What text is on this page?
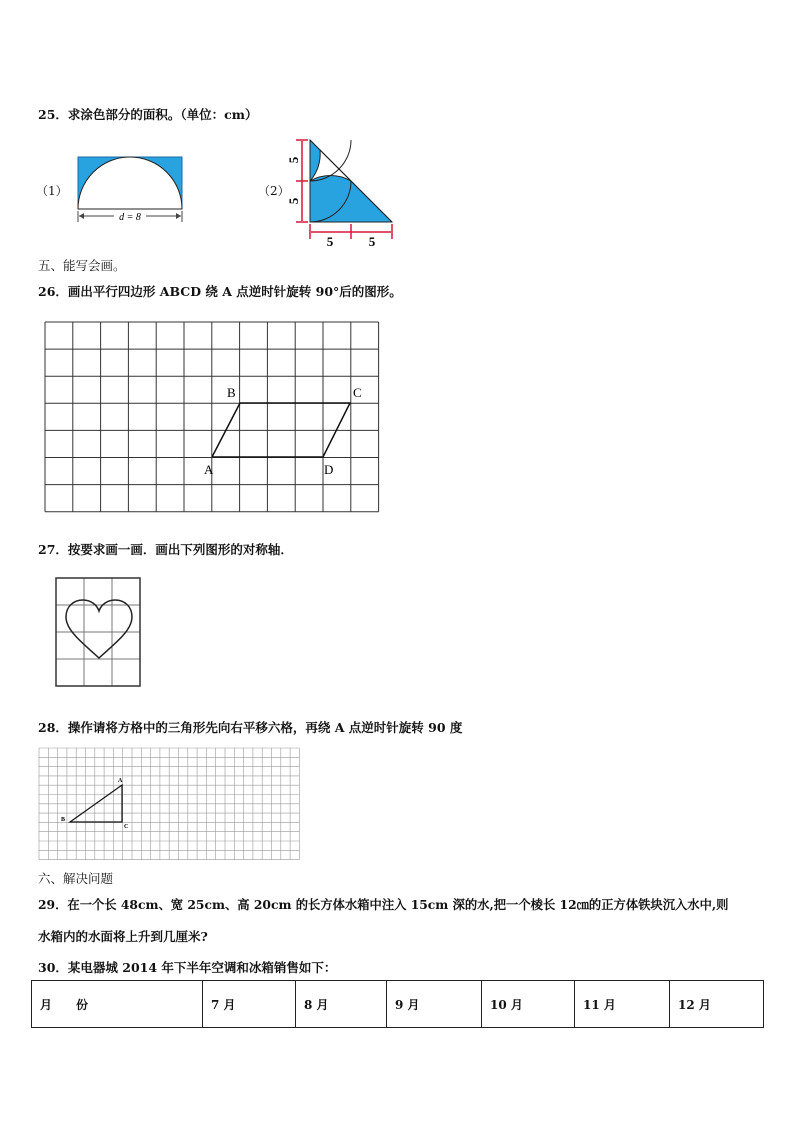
25．求涂色部分的面积。（单位：cm）
（1）
d = 8
（2）
5
5
5	5
五、能写会画。
26．画出平行四边形 ABCD 绕 A 点逆时针旋转 90°后的图形。
A
B	C
D
27．按要求画一画．画出下列图形的对称轴．
28．操作请将方格中的三角形先向右平移六格，再绕 A 点逆时针旋转 90 度
A
B
C
六、解决问题
29．在一个长 48cm、宽 25cm、高 20cm 的长方体水箱中注入 15cm 深的水,把一个棱长 12㎝的正方体铁块沉入水中,则
水箱内的水面将上升到几厘米?
30．某电器城 2014 年下半年空调和冰箱销售如下：
月　　份	7 月	8 月	9 月	10 月	11 月	12 月
